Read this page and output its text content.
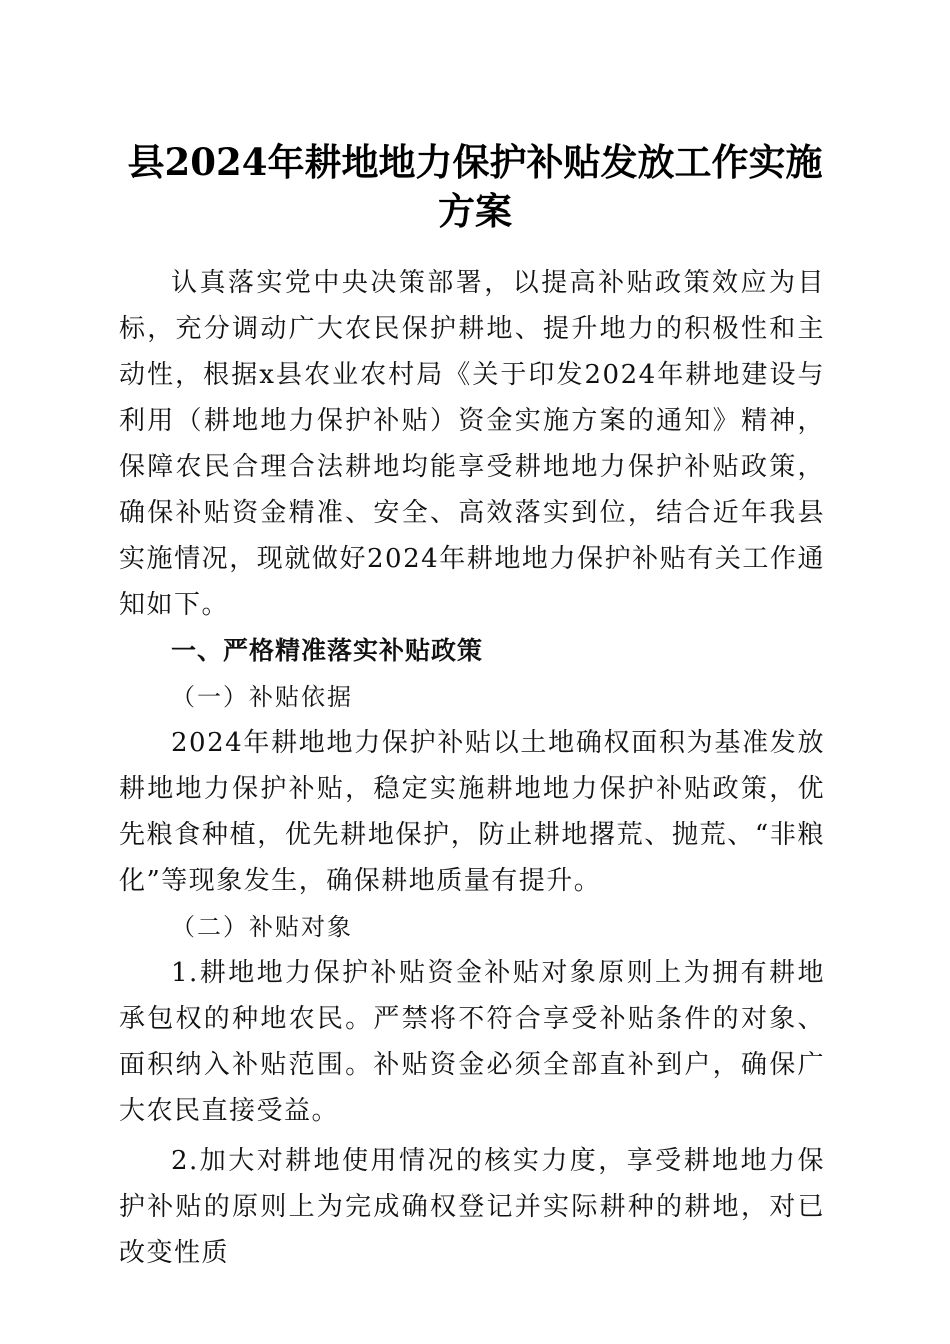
县2024年耕地地力保护补贴发放工作实施方案

认真落实党中央决策部署，以提高补贴政策效应为目标，充分调动广大农民保护耕地、提升地力的积极性和主动性，根据x县农业农村局《关于印发2024年耕地建设与利用（耕地地力保护补贴）资金实施方案的通知》精神，保障农民合理合法耕地均能享受耕地地力保护补贴政策，确保补贴资金精准、安全、高效落实到位，结合近年我县实施情况，现就做好2024年耕地地力保护补贴有关工作通知如下。

一、严格精准落实补贴政策

（一）补贴依据

2024年耕地地力保护补贴以土地确权面积为基准发放耕地地力保护补贴，稳定实施耕地地力保护补贴政策，优先粮食种植，优先耕地保护，防止耕地撂荒、抛荒、“非粮化”等现象发生，确保耕地质量有提升。

（二）补贴对象

1.耕地地力保护补贴资金补贴对象原则上为拥有耕地承包权的种地农民。严禁将不符合享受补贴条件的对象、面积纳入补贴范围。补贴资金必须全部直补到户，确保广大农民直接受益。

2.加大对耕地使用情况的核实力度，享受耕地地力保护补贴的原则上为完成确权登记并实际耕种的耕地，对已改变性质
